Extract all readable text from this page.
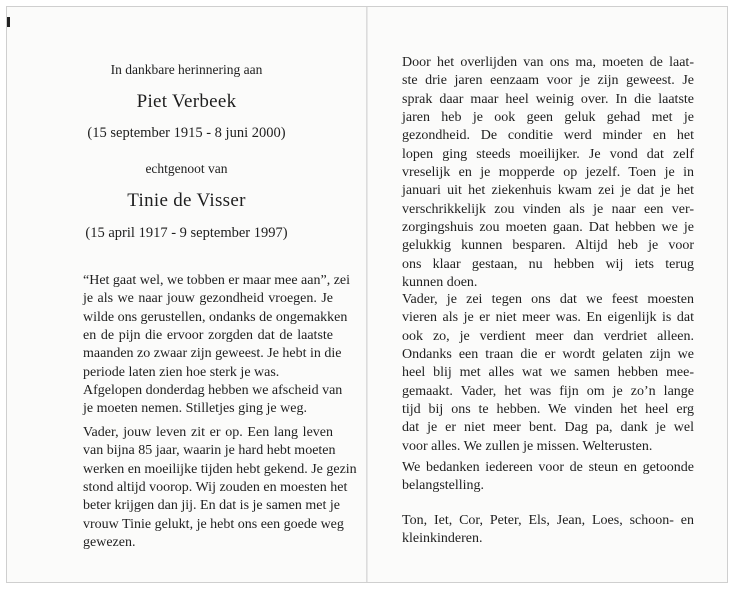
In dankbare herinnering aan
Piet Verbeek
(15 september 1915 - 8 juni 2000)
echtgenoot van
Tinie de Visser
(15 april 1917 - 9 september 1997)
“Het gaat wel, we tobben er maar mee aan”, zei
je als we naar jouw gezondheid vroegen. Je
wilde ons gerustellen, ondanks de ongemakken
en de pijn die ervoor zorgden dat de laatste
maanden zo zwaar zijn geweest. Je hebt in die
periode laten zien hoe sterk je was.
Afgelopen donderdag hebben we afscheid van
je moeten nemen. Stilletjes ging je weg.
Vader, jouw leven zit er op. Een lang leven
van bijna 85 jaar, waarin je hard hebt moeten
werken en moeilijke tijden hebt gekend. Je gezin
stond altijd voorop. Wij zouden en moesten het
beter krijgen dan jij. En dat is je samen met je
vrouw Tinie gelukt, je hebt ons een goede weg
gewezen.
Door het overlijden van ons ma, moeten de laat-
ste drie jaren eenzaam voor je zijn geweest. Je
sprak daar maar heel weinig over. In die laatste
jaren heb je ook geen geluk gehad met je
gezondheid. De conditie werd minder en het
lopen ging steeds moeilijker. Je vond dat zelf
vreselijk en je mopperde op jezelf. Toen je in
januari uit het ziekenhuis kwam zei je dat je het
verschrikkelijk zou vinden als je naar een ver-
zorgingshuis zou moeten gaan. Dat hebben we je
gelukkig kunnen besparen. Altijd heb je voor
ons klaar gestaan, nu hebben wij iets terug
kunnen doen.
Vader, je zei tegen ons dat we feest moesten
vieren als je er niet meer was. En eigenlijk is dat
ook zo, je verdient meer dan verdriet alleen.
Ondanks een traan die er wordt gelaten zijn we
heel blij met alles wat we samen hebben mee-
gemaakt. Vader, het was fijn om je zo’n lange
tijd bij ons te hebben. We vinden het heel erg
dat je er niet meer bent. Dag pa, dank je wel
voor alles. We zullen je missen. Welterusten.
We bedanken iedereen voor de steun en getoonde
belangstelling.
Ton, Iet, Cor, Peter, Els, Jean, Loes, schoon- en
kleinkinderen.
